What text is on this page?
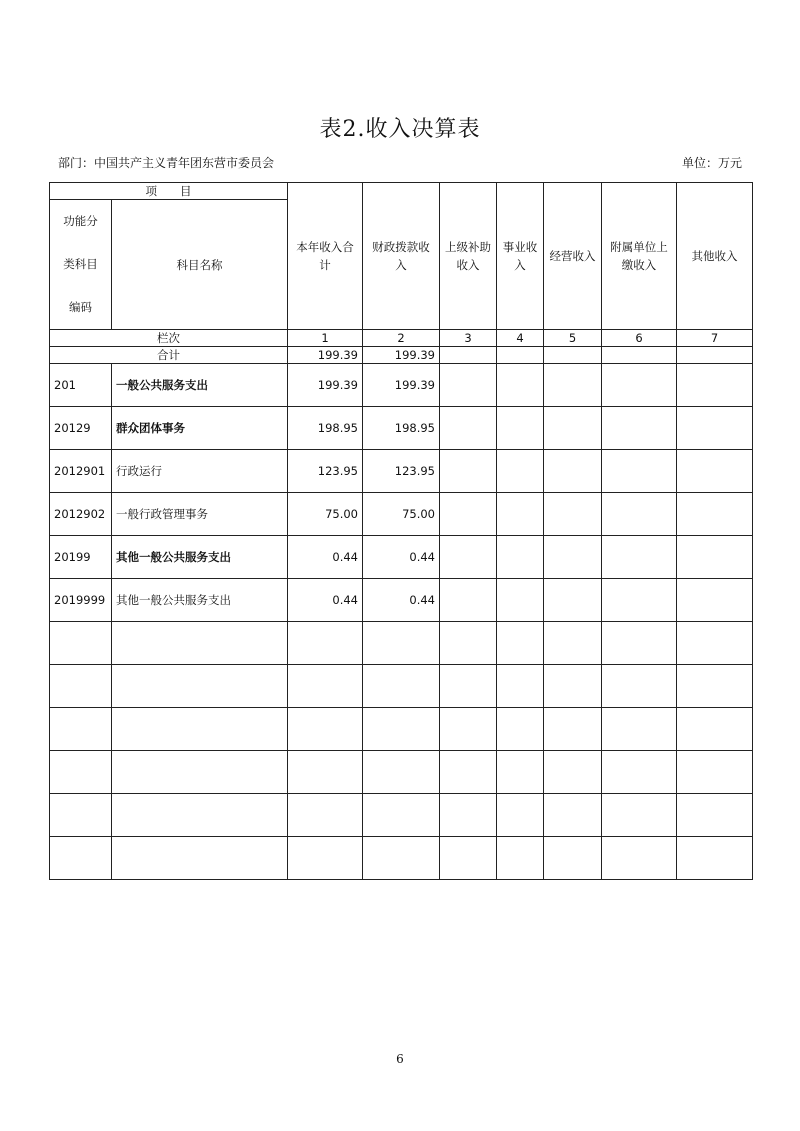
表2.收入决算表
部门：中国共产主义青年团东营市委员会	单位：万元
项　　目		本年收入合计	财政拨款收入	上级补助收入	事业收入	经营收入	附属单位上缴收入	其他收入

功能分
类科目
编码	科目名称							
栏次		1	2	3	4	5	6	7
合计		199.39	199.39					
201	一般公共服务支出	199.39	199.39					
20129	群众团体事务	198.95	198.95					
2012901	行政运行	123.95	123.95					
2012902	一般行政管理事务	75.00	75.00					
20199	其他一般公共服务支出	0.44	0.44					
2019999	其他一般公共服务支出	0.44	0.44					

6
